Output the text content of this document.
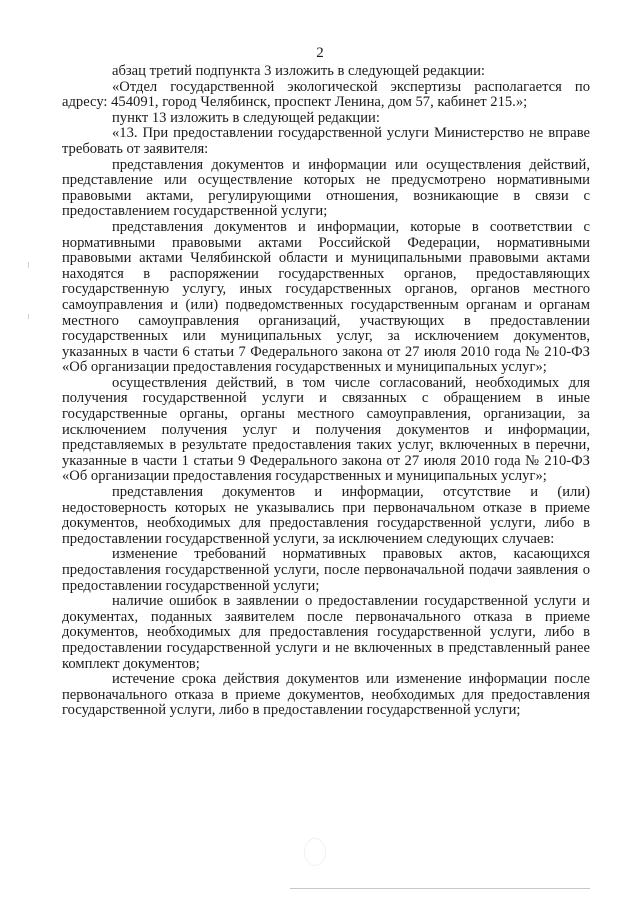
2

абзац третий подпункта 3 изложить в следующей редакции:

«Отдел государственной экологической экспертизы располагается по адресу: 454091, город Челябинск, проспект Ленина, дом 57, кабинет 215.»;

пункт 13 изложить в следующей редакции:

«13. При предоставлении государственной услуги Министерство не вправе требовать от заявителя:

представления документов и информации или осуществления действий, представление или осуществление которых не предусмотрено нормативными правовыми актами, регулирующими отношения, возникающие в связи с предоставлением государственной услуги;

представления документов и информации, которые в соответствии с нормативными правовыми актами Российской Федерации, нормативными правовыми актами Челябинской области и муниципальными правовыми актами находятся в распоряжении государственных органов, предоставляющих государственную услугу, иных государственных органов, органов местного самоуправления и (или) подведомственных государственным органам и органам местного самоуправления организаций, участвующих в предоставлении государственных или муниципальных услуг, за исключением документов, указанных в части 6 статьи 7 Федерального закона от 27 июля 2010 года № 210-ФЗ «Об организации предоставления государственных и муниципальных услуг»;

осуществления действий, в том числе согласований, необходимых для получения государственной услуги и связанных с обращением в иные государственные органы, органы местного самоуправления, организации, за исключением получения услуг и получения документов и информации, представляемых в результате предоставления таких услуг, включенных в перечни, указанные в части 1 статьи 9 Федерального закона от 27 июля 2010 года № 210-ФЗ «Об организации предоставления государственных и муниципальных услуг»;

представления документов и информации, отсутствие и (или) недостоверность которых не указывались при первоначальном отказе в приеме документов, необходимых для предоставления государственной услуги, либо в предоставлении государственной услуги, за исключением следующих случаев:

изменение требований нормативных правовых актов, касающихся предоставления государственной услуги, после первоначальной подачи заявления о предоставлении государственной услуги;

наличие ошибок в заявлении о предоставлении государственной услуги и документах, поданных заявителем после первоначального отказа в приеме документов, необходимых для предоставления государственной услуги, либо в предоставлении государственной услуги и не включенных в представленный ранее комплект документов;

истечение срока действия документов или изменение информации после первоначального отказа в приеме документов, необходимых для предоставления государственной услуги, либо в предоставлении государственной услуги;
